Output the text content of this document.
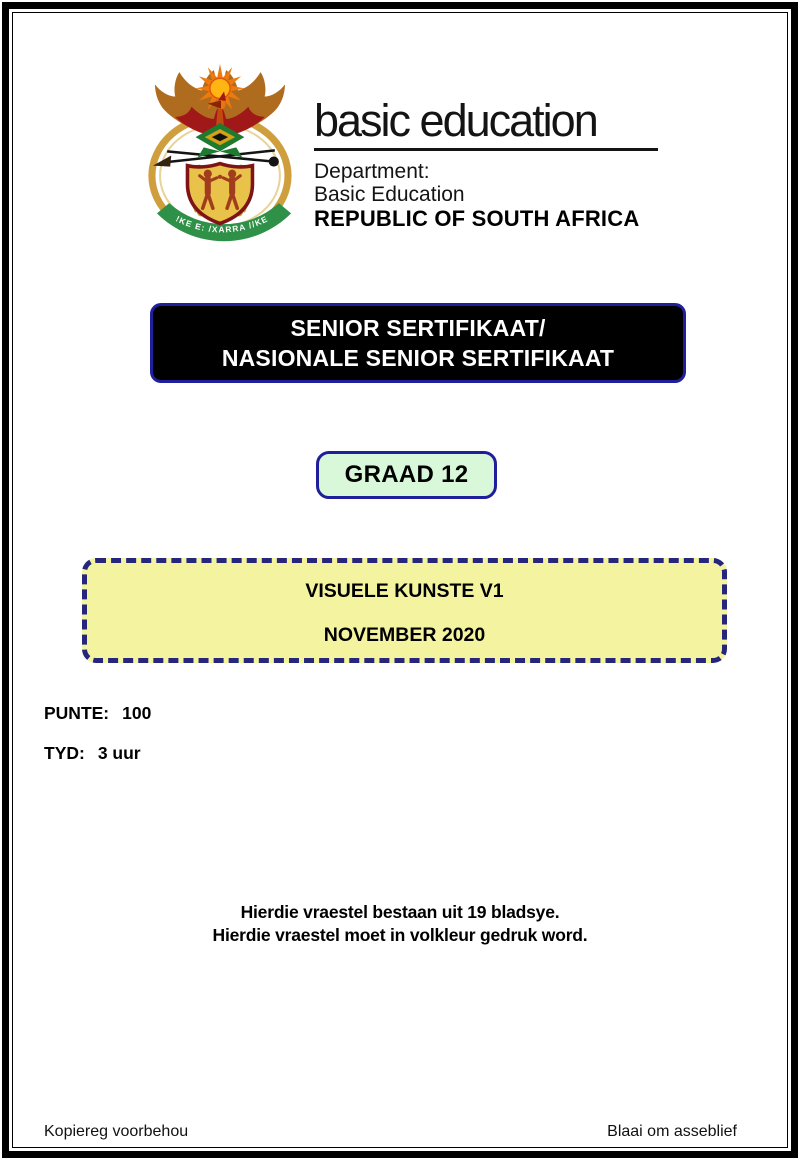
!KE E: /XARRA //KE
basic education
Department:
Basic Education
REPUBLIC OF SOUTH AFRICA
SENIOR SERTIFIKAAT/
NASIONALE SENIOR SERTIFIKAAT
GRAAD 12
VISUELE KUNSTE V1
NOVEMBER 2020
PUNTE: 100
TYD: 3 uur
Hierdie vraestel bestaan uit 19 bladsye.
Hierdie vraestel moet in volkleur gedruk word.
Kopiereg voorbehou	Blaai om asseblief
